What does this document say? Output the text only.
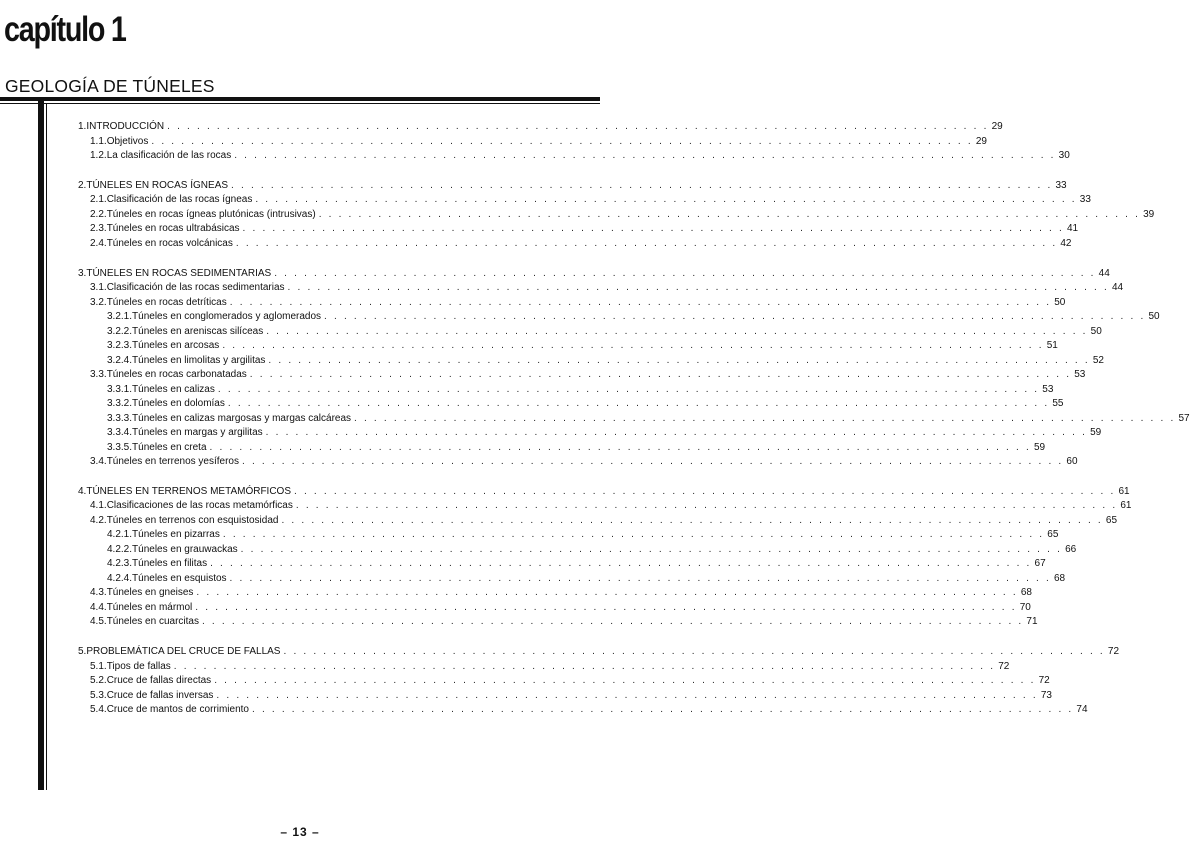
capítulo 1
GEOLOGÍA DE TÚNELES
1. INTRODUCCIÓN . . . . . . . . . . . . . . . . . . . . . . . . . . . . . . . . . . . . . . . . . . . . . . . . . . . . . . . . . . . . . . . . . . . . . . . . . . . . . . . . . . . 29
1.1. Objetivos . . . . . . . . . . . . . . . . . . . . . . . . . . . . . . . . . . . . . . . . . . . . . . . . . . . . . . . . . . . . . . . . . . . . . . . . . . . . . . . . . . . 29
1.2. La clasificación de las rocas . . . . . . . . . . . . . . . . . . . . . . . . . . . . . . . . . . . . . . . . . . . . . . . . . . . . . . . . . . . . . . . . . . . . . . . . . . . . . . . . . . . 30
2. TÚNELES EN ROCAS ÍGNEAS . . . . . . . . . . . . . . . . . . . . . . . . . . . . . . . . . . . . . . . . . . . . . . . . . . . . . . . . . . . . . . . . . . . . . . . . . . . . . . . . . . . 33
2.1. Clasificación de las rocas ígneas . . . . . . . . . . . . . . . . . . . . . . . . . . . . . . . . . . . . . . . . . . . . . . . . . . . . . . . . . . . . . . . . . . . . . . . . . . . . . . . . . . . 33
2.2. Túneles en rocas ígneas plutónicas (intrusivas) . . . . . . . . . . . . . . . . . . . . . . . . . . . . . . . . . . . . . . . . . . . . . . . . . . . . . . . . . . . . . . . . . . . . . . . . . . . . . . . . . . . 39
2.3. Túneles en rocas ultrabásicas . . . . . . . . . . . . . . . . . . . . . . . . . . . . . . . . . . . . . . . . . . . . . . . . . . . . . . . . . . . . . . . . . . . . . . . . . . . . . . . . . . . 41
2.4. Túneles en rocas volcánicas . . . . . . . . . . . . . . . . . . . . . . . . . . . . . . . . . . . . . . . . . . . . . . . . . . . . . . . . . . . . . . . . . . . . . . . . . . . . . . . . . . . 42
3. TÚNELES EN ROCAS SEDIMENTARIAS . . . . . . . . . . . . . . . . . . . . . . . . . . . . . . . . . . . . . . . . . . . . . . . . . . . . . . . . . . . . . . . . . . . . . . . . . . . . . . . . . . . 44
3.1. Clasificación de las rocas sedimentarias . . . . . . . . . . . . . . . . . . . . . . . . . . . . . . . . . . . . . . . . . . . . . . . . . . . . . . . . . . . . . . . . . . . . . . . . . . . . . . . . . . . 44
3.2. Túneles en rocas detríticas . . . . . . . . . . . . . . . . . . . . . . . . . . . . . . . . . . . . . . . . . . . . . . . . . . . . . . . . . . . . . . . . . . . . . . . . . . . . . . . . . . . 50
3.2.1. Túneles en conglomerados y aglomerados . . . . . . . . . . . . . . . . . . . . . . . . . . . . . . . . . . . . . . . . . . . . . . . . . . . . . . . . . . . . . . . . . . . . . . . . . . . . . . . . . . . 50
3.2.2. Túneles en areniscas silíceas . . . . . . . . . . . . . . . . . . . . . . . . . . . . . . . . . . . . . . . . . . . . . . . . . . . . . . . . . . . . . . . . . . . . . . . . . . . . . . . . . . . 50
3.2.3. Túneles en arcosas . . . . . . . . . . . . . . . . . . . . . . . . . . . . . . . . . . . . . . . . . . . . . . . . . . . . . . . . . . . . . . . . . . . . . . . . . . . . . . . . . . . 51
3.2.4. Túneles en limolitas y argilitas . . . . . . . . . . . . . . . . . . . . . . . . . . . . . . . . . . . . . . . . . . . . . . . . . . . . . . . . . . . . . . . . . . . . . . . . . . . . . . . . . . . 52
3.3. Túneles en rocas carbonatadas . . . . . . . . . . . . . . . . . . . . . . . . . . . . . . . . . . . . . . . . . . . . . . . . . . . . . . . . . . . . . . . . . . . . . . . . . . . . . . . . . . . 53
3.3.1. Túneles en calizas . . . . . . . . . . . . . . . . . . . . . . . . . . . . . . . . . . . . . . . . . . . . . . . . . . . . . . . . . . . . . . . . . . . . . . . . . . . . . . . . . . . 53
3.3.2. Túneles en dolomías . . . . . . . . . . . . . . . . . . . . . . . . . . . . . . . . . . . . . . . . . . . . . . . . . . . . . . . . . . . . . . . . . . . . . . . . . . . . . . . . . . . 55
3.3.3. Túneles en calizas margosas y margas calcáreas . . . . . . . . . . . . . . . . . . . . . . . . . . . . . . . . . . . . . . . . . . . . . . . . . . . . . . . . . . . . . . . . . . . . . . . . . . . . . . . . . . . 57
3.3.4. Túneles en margas y argilitas . . . . . . . . . . . . . . . . . . . . . . . . . . . . . . . . . . . . . . . . . . . . . . . . . . . . . . . . . . . . . . . . . . . . . . . . . . . . . . . . . . . 59
3.3.5. Túneles en creta . . . . . . . . . . . . . . . . . . . . . . . . . . . . . . . . . . . . . . . . . . . . . . . . . . . . . . . . . . . . . . . . . . . . . . . . . . . . . . . . . . . 59
3.4. Túneles en terrenos yesíferos . . . . . . . . . . . . . . . . . . . . . . . . . . . . . . . . . . . . . . . . . . . . . . . . . . . . . . . . . . . . . . . . . . . . . . . . . . . . . . . . . . . 60
4. TÚNELES EN TERRENOS METAMÓRFICOS . . . . . . . . . . . . . . . . . . . . . . . . . . . . . . . . . . . . . . . . . . . . . . . . . . . . . . . . . . . . . . . . . . . . . . . . . . . . . . . . . . . 61
4.1. Clasificaciones de las rocas metamórficas . . . . . . . . . . . . . . . . . . . . . . . . . . . . . . . . . . . . . . . . . . . . . . . . . . . . . . . . . . . . . . . . . . . . . . . . . . . . . . . . . . . 61
4.2. Túneles en terrenos con esquistosidad . . . . . . . . . . . . . . . . . . . . . . . . . . . . . . . . . . . . . . . . . . . . . . . . . . . . . . . . . . . . . . . . . . . . . . . . . . . . . . . . . . . 65
4.2.1. Túneles en pizarras . . . . . . . . . . . . . . . . . . . . . . . . . . . . . . . . . . . . . . . . . . . . . . . . . . . . . . . . . . . . . . . . . . . . . . . . . . . . . . . . . . . 65
4.2.2. Túneles en grauwackas . . . . . . . . . . . . . . . . . . . . . . . . . . . . . . . . . . . . . . . . . . . . . . . . . . . . . . . . . . . . . . . . . . . . . . . . . . . . . . . . . . . 66
4.2.3. Túneles en filitas . . . . . . . . . . . . . . . . . . . . . . . . . . . . . . . . . . . . . . . . . . . . . . . . . . . . . . . . . . . . . . . . . . . . . . . . . . . . . . . . . . . 67
4.2.4. Túneles en esquistos . . . . . . . . . . . . . . . . . . . . . . . . . . . . . . . . . . . . . . . . . . . . . . . . . . . . . . . . . . . . . . . . . . . . . . . . . . . . . . . . . . . 68
4.3. Túneles en gneises . . . . . . . . . . . . . . . . . . . . . . . . . . . . . . . . . . . . . . . . . . . . . . . . . . . . . . . . . . . . . . . . . . . . . . . . . . . . . . . . . . . 68
4.4. Túneles en mármol . . . . . . . . . . . . . . . . . . . . . . . . . . . . . . . . . . . . . . . . . . . . . . . . . . . . . . . . . . . . . . . . . . . . . . . . . . . . . . . . . . . 70
4.5. Túneles en cuarcitas . . . . . . . . . . . . . . . . . . . . . . . . . . . . . . . . . . . . . . . . . . . . . . . . . . . . . . . . . . . . . . . . . . . . . . . . . . . . . . . . . . . 71
5. PROBLEMÁTICA DEL CRUCE DE FALLAS . . . . . . . . . . . . . . . . . . . . . . . . . . . . . . . . . . . . . . . . . . . . . . . . . . . . . . . . . . . . . . . . . . . . . . . . . . . . . . . . . . . 72
5.1. Tipos de fallas . . . . . . . . . . . . . . . . . . . . . . . . . . . . . . . . . . . . . . . . . . . . . . . . . . . . . . . . . . . . . . . . . . . . . . . . . . . . . . . . . . . 72
5.2. Cruce de fallas directas . . . . . . . . . . . . . . . . . . . . . . . . . . . . . . . . . . . . . . . . . . . . . . . . . . . . . . . . . . . . . . . . . . . . . . . . . . . . . . . . . . . 72
5.3. Cruce de fallas inversas . . . . . . . . . . . . . . . . . . . . . . . . . . . . . . . . . . . . . . . . . . . . . . . . . . . . . . . . . . . . . . . . . . . . . . . . . . . . . . . . . . . 73
5.4. Cruce de mantos de corrimiento . . . . . . . . . . . . . . . . . . . . . . . . . . . . . . . . . . . . . . . . . . . . . . . . . . . . . . . . . . . . . . . . . . . . . . . . . . . . . . . . . . . 74
– 13 –
